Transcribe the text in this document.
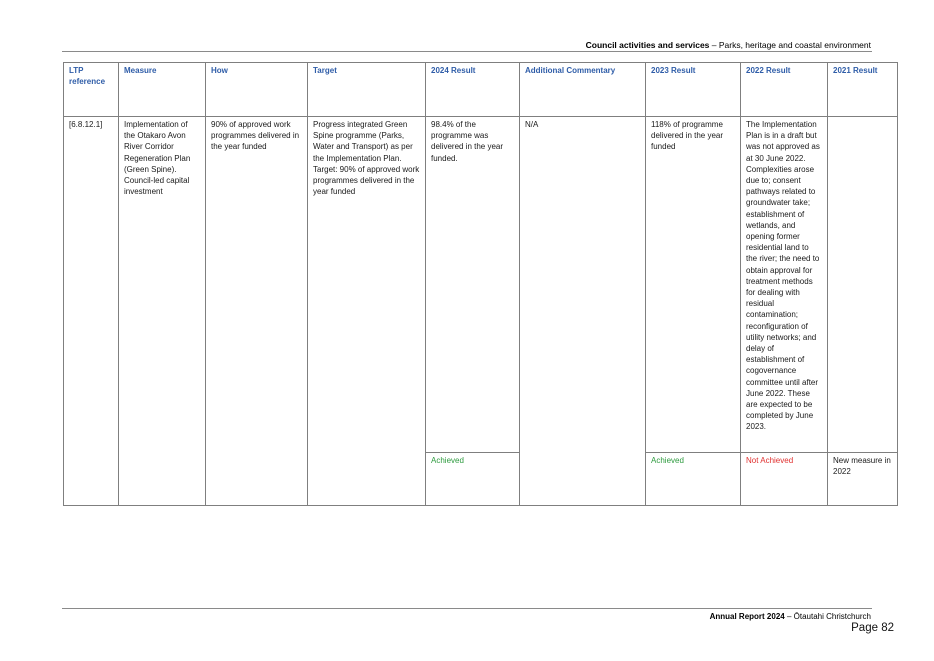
Council activities and services – Parks, heritage and coastal environment
LTP reference	Measure	How	Target	2024 Result	Additional Commentary	2023 Result	2022 Result	2021 Result
[6.8.12.1]	Implementation of the Otakaro Avon River Corridor Regeneration Plan (Green Spine). Council-led capital investment	90% of approved work programmes delivered in the year funded	Progress integrated Green Spine programme (Parks, Water and Transport) as per the Implementation Plan. Target: 90% of approved work programmes delivered in the year funded	98.4% of the programme was delivered in the year funded.	N/A	118% of programme delivered in the year funded	The Implementation Plan is in a draft but was not approved as at 30 June 2022. Complexities arose due to; consent pathways related to groundwater take; establishment of wetlands, and opening former residential land to the river; the need to obtain approval for treatment methods for dealing with residual contamination; reconfiguration of utility networks; and delay of establishment of cogovernance committee until after June 2022. These are expected to be completed by June 2023.	
				Achieved		Achieved	Not Achieved	New measure in 2022
Annual Report 2024 – Ōtautahi Christchurch
Page 82
